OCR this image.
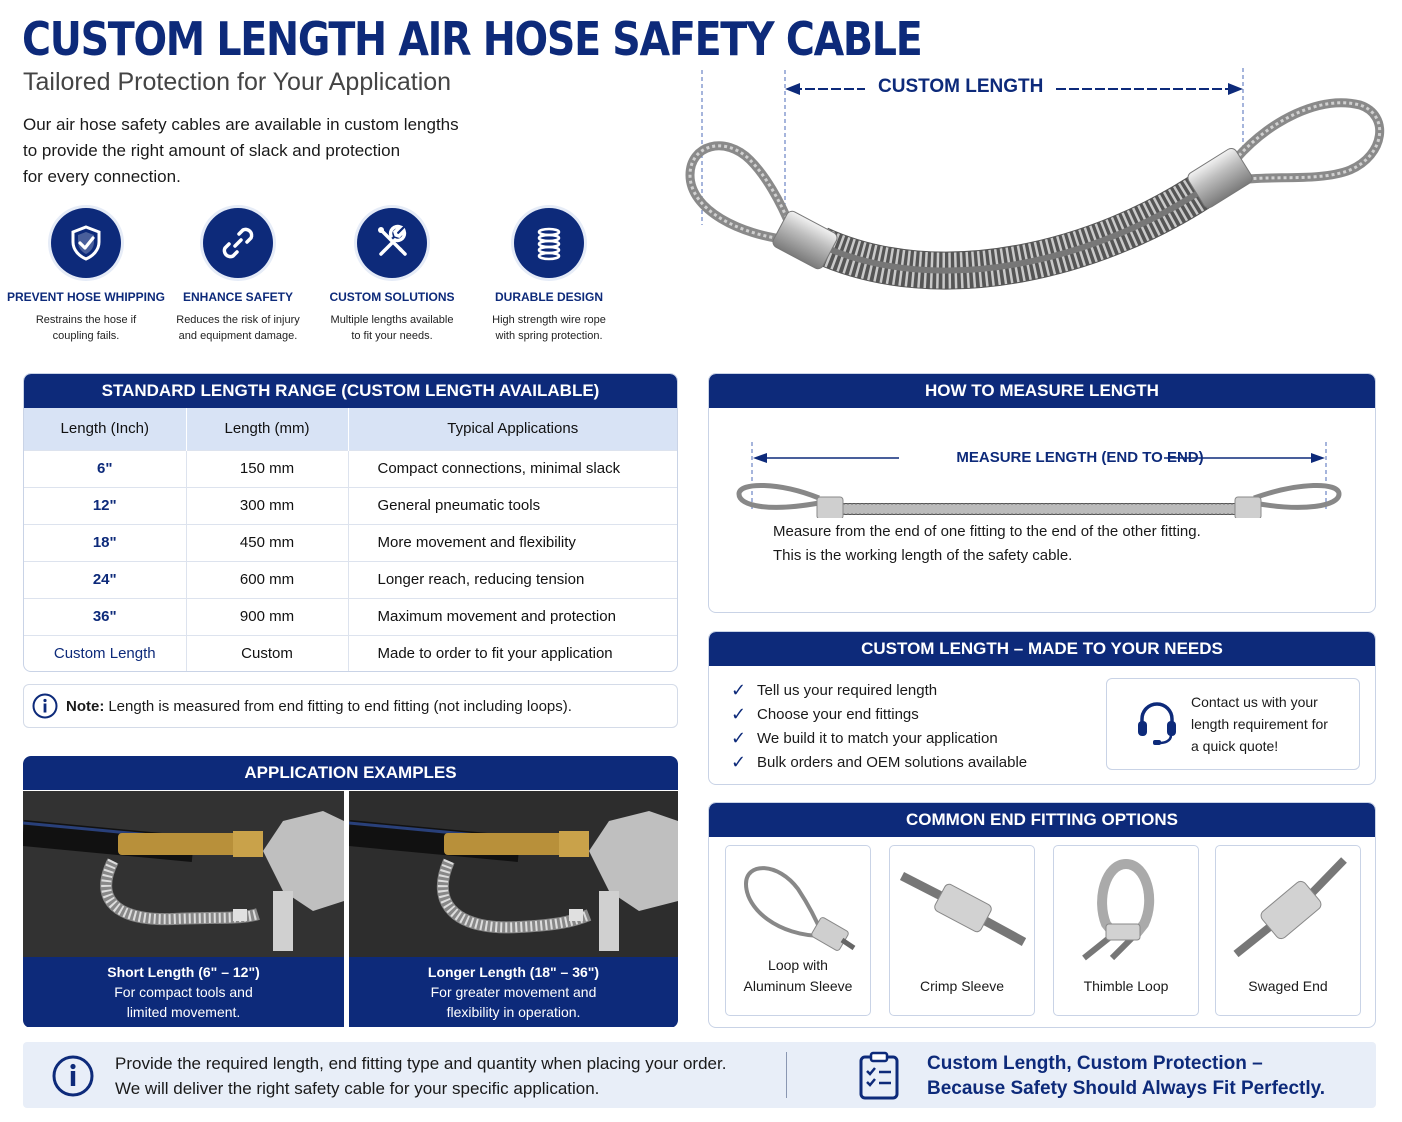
CUSTOM LENGTH AIR HOSE SAFETY CABLE
Tailored Protection for Your Application
Our air hose safety cables are available in custom lengths
to provide the right amount of slack and protection
for every connection.
PREVENT HOSE WHIPPING
Restrains the hose if
coupling fails.
ENHANCE SAFETY
Reduces the risk of injury
and equipment damage.
CUSTOM SOLUTIONS
Multiple lengths available
to fit your needs.
DURABLE DESIGN
High strength wire rope
with spring protection.
CUSTOM LENGTH
STANDARD LENGTH RANGE (CUSTOM LENGTH AVAILABLE)
Length (Inch)	Length (mm)	Typical Applications
6"	150 mm	Compact connections, minimal slack
12"	300 mm	General pneumatic tools
18"	450 mm	More movement and flexibility
24"	600 mm	Longer reach, reducing tension
36"	900 mm	Maximum movement and protection
Custom Length	Custom	Made to order to fit your application
Note: Length is measured from end fitting to end fitting (not including loops).
APPLICATION EXAMPLES
Short Length (6" – 12")
For compact tools and
limited movement.
Longer Length (18" – 36")
For greater movement and
flexibility in operation.
HOW TO MEASURE LENGTH
MEASURE LENGTH (END TO END)
Measure from the end of one fitting to the end of the other fitting.
This is the working length of the safety cable.
CUSTOM LENGTH – MADE TO YOUR NEEDS
✓ Tell us your required length
✓ Choose your end fittings
✓ We build it to match your application
✓ Bulk orders and OEM solutions available
Contact us with your
length requirement for
a quick quote!
COMMON END FITTING OPTIONS
Loop with
Aluminum Sleeve	Crimp Sleeve	Thimble Loop	Swaged End
Provide the required length, end fitting type and quantity when placing your order.
We will deliver the right safety cable for your specific application.
Custom Length, Custom Protection –
Because Safety Should Always Fit Perfectly.
